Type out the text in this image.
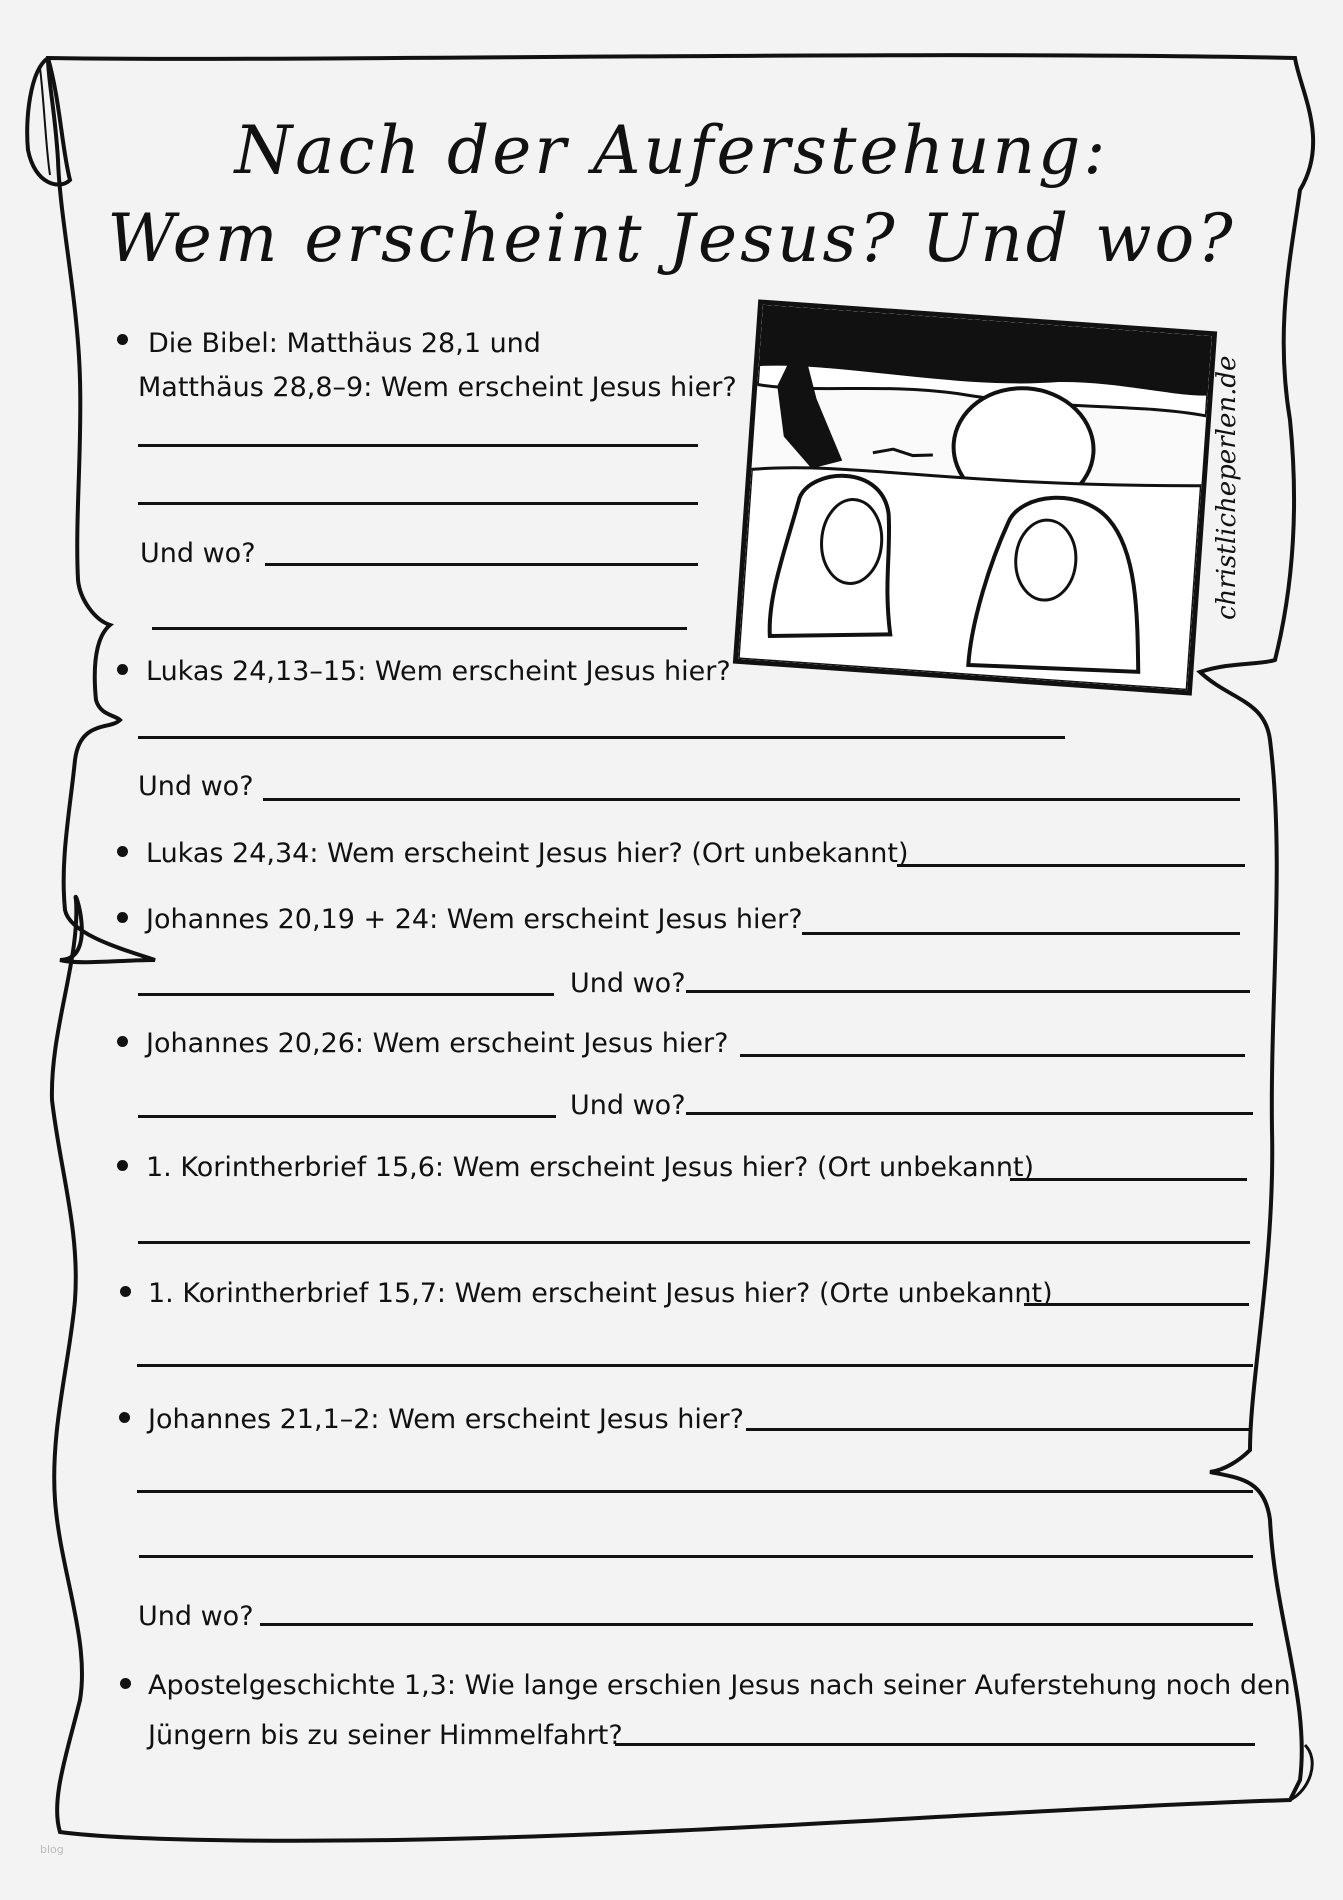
Nach der Auferstehung:
Wem erscheint Jesus? Und wo?
christlicheperlen.de
Die Bibel: Matthäus 28,1 und
Matthäus 28,8–9: Wem erscheint Jesus hier?
Und wo?
Lukas 24,13–15: Wem erscheint Jesus hier?
Und wo?
Lukas 24,34: Wem erscheint Jesus hier? (Ort unbekannt)
Johannes 20,19 + 24: Wem erscheint Jesus hier?
Und wo?
Johannes 20,26: Wem erscheint Jesus hier?
Und wo?
1. Korintherbrief 15,6: Wem erscheint Jesus hier? (Ort unbekannt)
1. Korintherbrief 15,7: Wem erscheint Jesus hier? (Orte unbekannt)
Johannes 21,1–2: Wem erscheint Jesus hier?
Und wo?
Apostelgeschichte 1,3: Wie lange erschien Jesus nach seiner Auferstehung noch den
Jüngern bis zu seiner Himmelfahrt?
blog
